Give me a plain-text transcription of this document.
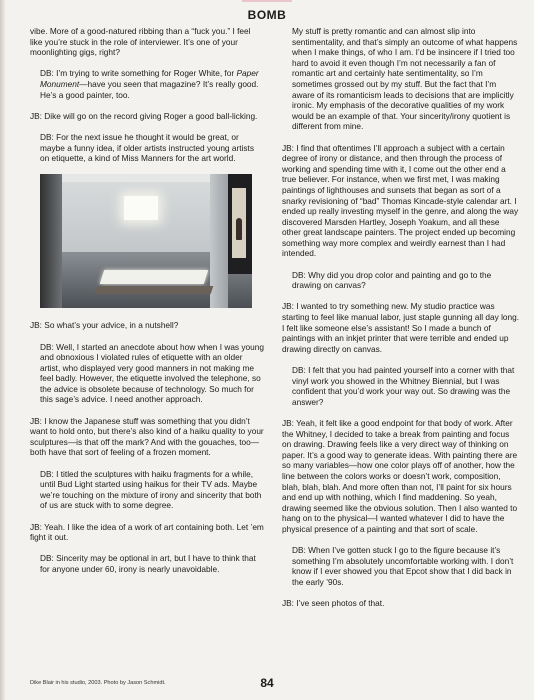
BOMB

vibe. More of a good-natured ribbing than a “fuck you.” I feel like you’re stuck in the role of interviewer. It’s one of your moonlighting gigs, right?

DB: I’m trying to write something for Roger White, for Paper Monument—have you seen that magazine? It’s really good. He’s a good painter, too.

JB: Dike will go on the record giving Roger a good ball-licking.

DB: For the next issue he thought it would be great, or maybe a funny idea, if older artists instructed young artists on etiquette, a kind of Miss Manners for the art world.

JB: So what’s your advice, in a nutshell?

DB: Well, I started an anecdote about how when I was young and obnoxious I violated rules of etiquette with an older artist, who displayed very good manners in not making me feel badly. However, the etiquette involved the telephone, so the advice is obsolete because of technology. So much for this sage’s advice. I need another approach.

JB: I know the Japanese stuff was something that you didn’t want to hold onto, but there’s also kind of a haiku quality to your sculptures—is that off the mark? And with the gouaches, too—both have that sort of feeling of a frozen moment.

DB: I titled the sculptures with haiku fragments for a while, until Bud Light started using haikus for their TV ads. Maybe we’re touching on the mixture of irony and sincerity that both of us are stuck with to some degree.

JB: Yeah. I like the idea of a work of art containing both. Let ’em fight it out.

DB: Sincerity may be optional in art, but I have to think that for anyone under 60, irony is nearly unavoidable.

My stuff is pretty romantic and can almost slip into sentimentality, and that’s simply an outcome of what happens when I make things, of who I am. I’d be insincere if I tried too hard to avoid it even though I’m not necessarily a fan of romantic art and certainly hate sentimentality, so I’m sometimes grossed out by my stuff. But the fact that I’m aware of its romanticism leads to decisions that are implicitly ironic. My emphasis of the decorative qualities of my work would be an example of that. Your sincerity/irony quotient is different from mine.

JB: I find that oftentimes I’ll approach a subject with a certain degree of irony or distance, and then through the process of working and spending time with it, I come out the other end a true believer. For instance, when we first met, I was making paintings of lighthouses and sunsets that began as sort of a snarky revisioning of “bad” Thomas Kincade-style calendar art. I ended up really investing myself in the genre, and along the way discovered Marsden Hartley, Joseph Yoakum, and all these other great landscape painters. The project ended up becoming something way more complex and weirdly earnest than I had intended.

DB: Why did you drop color and painting and go to the drawing on canvas?

JB: I wanted to try something new. My studio practice was starting to feel like manual labor, just staple gunning all day long. I felt like someone else’s assistant! So I made a bunch of paintings with an inkjet printer that were terrible and ended up drawing directly on canvas.

DB: I felt that you had painted yourself into a corner with that vinyl work you showed in the Whitney Biennial, but I was confident that you’d work your way out. So drawing was the answer?

JB: Yeah, it felt like a good endpoint for that body of work. After the Whitney, I decided to take a break from painting and focus on drawing. Drawing feels like a very direct way of thinking on paper. It’s a good way to generate ideas. With painting there are so many variables—how one color plays off of another, how the line between the colors works or doesn’t work, composition, blah, blah, blah. And more often than not, I’ll paint for six hours and end up with nothing, which I find maddening. So yeah, drawing seemed like the obvious solution. Then I also wanted to hang on to the physical—I wanted whatever I did to have the physical presence of a painting and that sort of scale.

DB: When I’ve gotten stuck I go to the figure because it’s something I’m absolutely uncomfortable working with. I don’t know if I ever showed you that Epcot show that I did back in the early ’90s.

JB: I’ve seen photos of that.

Dike Blair in his studio, 2003. Photo by Jason Schmidt.	84
